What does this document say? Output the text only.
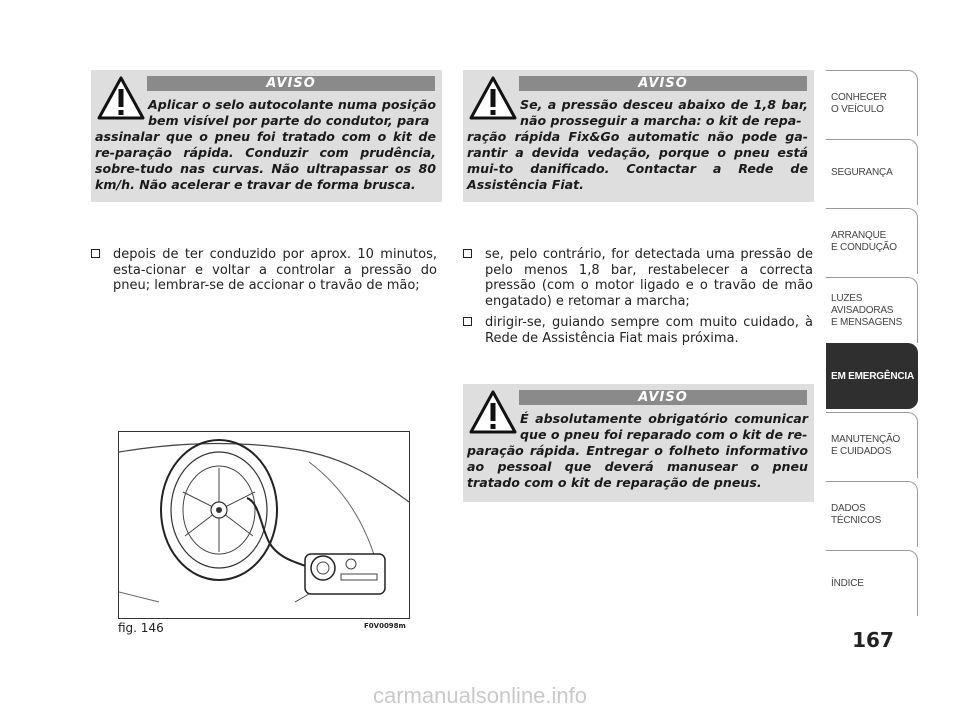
AVISO
Aplicar o selo autocolante numa posição bem visível por parte do condutor, para
assinalar que o pneu foi tratado com o kit de re-paração rápida. Conduzir com prudência, sobre-tudo nas curvas. Não ultrapassar os 80 km/h. Não acelerar e travar de forma brusca.
AVISO
Se, a pressão desceu abaixo de 1,8 bar, não prosseguir a marcha: o kit de repa-
ração rápida Fix&Go automatic não pode ga-rantir a devida vedação, porque o pneu está mui-to danificado. Contactar a Rede de Assistência Fiat.
depois de ter conduzido por aprox. 10 minutos, esta-cionar e voltar a controlar a pressão do pneu; lembrar-se de accionar o travão de mão;
se, pelo contrário, for detectada uma pressão de pelo menos 1,8 bar, restabelecer a correcta pressão (com o motor ligado e o travão de mão engatado) e retomar a marcha;
dirigir-se, guiando sempre com muito cuidado, à Rede de Assistência Fiat mais próxima.
AVISO
É absolutamente obrigatório comunicar que o pneu foi reparado com o kit de re-
paração rápida. Entregar o folheto informativo ao pessoal que deverá manusear o pneu tratado com o kit de reparação de pneus.
fig. 146	F0V0098m
CONHECER
O VEÍCULO
SEGURANÇA
ARRANQUE
E CONDUÇÃO
LUZES AVISADORAS
E MENSAGENS
EM EMERGÊNCIA
MANUTENÇÃO
E CUIDADOS
DADOS TÉCNICOS
ÍNDICE
167
carmanualsonline.info
